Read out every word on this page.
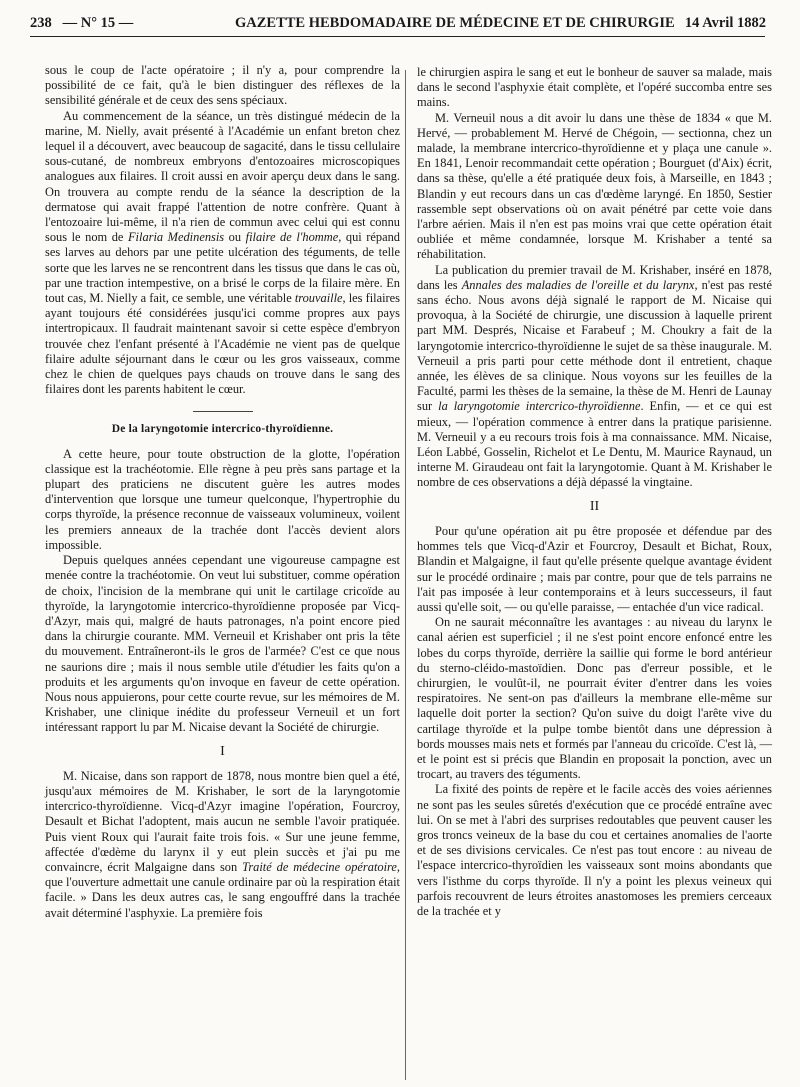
238 — N° 15 —	GAZETTE HEBDOMADAIRE DE MÉDECINE ET DE CHIRURGIE 14 Avril 1882

sous le coup de l'acte opératoire ; il n'y a, pour comprendre la possibilité de ce fait, qu'à le bien distinguer des réflexes de la sensibilité générale et de ceux des sens spéciaux.

Au commencement de la séance, un très distingué médecin de la marine, M. Nielly, avait présenté à l'Académie un enfant breton chez lequel il a découvert, avec beaucoup de sagacité, dans le tissu cellulaire sous-cutané, de nombreux embryons d'entozoaires microscopiques analogues aux filaires. Il croit aussi en avoir aperçu deux dans le sang. On trouvera au compte rendu de la séance la description de la dermatose qui avait frappé l'attention de notre confrère. Quant à l'entozoaire lui-même, il n'a rien de commun avec celui qui est connu sous le nom de Filaria Medinensis ou filaire de l'homme, qui répand ses larves au dehors par une petite ulcération des téguments, de telle sorte que les larves ne se rencontrent dans les tissus que dans le cas où, par une traction intempestive, on a brisé le corps de la filaire mère. En tout cas, M. Nielly a fait, ce semble, une véritable trouvaille, les filaires ayant toujours été considérées jusqu'ici comme propres aux pays intertropicaux. Il faudrait maintenant savoir si cette espèce d'embryon trouvée chez l'enfant présenté à l'Académie ne vient pas de quelque filaire adulte séjournant dans le cœur ou les gros vaisseaux, comme chez le chien de quelques pays chauds on trouve dans le sang des filaires dont les parents habitent le cœur.

De la laryngotomie intercrico-thyroïdienne.

A cette heure, pour toute obstruction de la glotte, l'opération classique est la trachéotomie. Elle règne à peu près sans partage et la plupart des praticiens ne discutent guère les autres modes d'intervention que lorsque une tumeur quelconque, l'hypertrophie du corps thyroïde, la présence reconnue de vaisseaux volumineux, voilent les premiers anneaux de la trachée dont l'accès devient alors impossible.

Depuis quelques années cependant une vigoureuse campagne est menée contre la trachéotomie. On veut lui substituer, comme opération de choix, l'incision de la membrane qui unit le cartilage cricoïde au thyroïde, la laryngotomie intercrico-thyroïdienne proposée par Vicq-d'Azyr, mais qui, malgré de hauts patronages, n'a point encore pied dans la chirurgie courante. MM. Verneuil et Krishaber ont pris la tête du mouvement. Entraîneront-ils le gros de l'armée? C'est ce que nous ne saurions dire ; mais il nous semble utile d'étudier les faits qu'on a produits et les arguments qu'on invoque en faveur de cette opération. Nous nous appuierons, pour cette courte revue, sur les mémoires de M. Krishaber, une clinique inédite du professeur Verneuil et un fort intéressant rapport lu par M. Nicaise devant la Société de chirurgie.

I

M. Nicaise, dans son rapport de 1878, nous montre bien quel a été, jusqu'aux mémoires de M. Krishaber, le sort de la laryngotomie intercrico-thyroïdienne. Vicq-d'Azyr imagine l'opération, Fourcroy, Desault et Bichat l'adoptent, mais aucun ne semble l'avoir pratiquée. Puis vient Roux qui l'aurait faite trois fois. « Sur une jeune femme, affectée d'œdème du larynx il y eut plein succès et j'ai pu me convaincre, écrit Malgaigne dans son Traité de médecine opératoire, que l'ouverture admettait une canule ordinaire par où la respiration était facile. » Dans les deux autres cas, le sang engouffré dans la trachée avait déterminé l'asphyxie. La première fois

le chirurgien aspira le sang et eut le bonheur de sauver sa malade, mais dans le second l'asphyxie était complète, et l'opéré succomba entre ses mains.

M. Verneuil nous a dit avoir lu dans une thèse de 1834 « que M. Hervé, — probablement M. Hervé de Chégoin, — sectionna, chez un malade, la membrane intercrico-thyroïdienne et y plaça une canule ». En 1841, Lenoir recommandait cette opération ; Bourguet (d'Aix) écrit, dans sa thèse, qu'elle a été pratiquée deux fois, à Marseille, en 1843 ; Blandin y eut recours dans un cas d'œdème laryngé. En 1850, Sestier rassemble sept observations où on avait pénétré par cette voie dans l'arbre aérien. Mais il n'en est pas moins vrai que cette opération était oubliée et même condamnée, lorsque M. Krishaber a tenté sa réhabilitation.

La publication du premier travail de M. Krishaber, inséré en 1878, dans les Annales des maladies de l'oreille et du larynx, n'est pas resté sans écho. Nous avons déjà signalé le rapport de M. Nicaise qui provoqua, à la Société de chirurgie, une discussion à laquelle prirent part MM. Després, Nicaise et Farabeuf ; M. Choukry a fait de la laryngotomie intercrico-thyroïdienne le sujet de sa thèse inaugurale. M. Verneuil a pris parti pour cette méthode dont il entretient, chaque année, les élèves de sa clinique. Nous voyons sur les feuilles de la Faculté, parmi les thèses de la semaine, la thèse de M. Henri de Launay sur la laryngotomie intercrico-thyroïdienne. Enfin, — et ce qui est mieux, — l'opération commence à entrer dans la pratique parisienne. M. Verneuil y a eu recours trois fois à ma connaissance. MM. Nicaise, Léon Labbé, Gosselin, Richelot et Le Dentu, M. Maurice Raynaud, un interne M. Giraudeau ont fait la laryngotomie. Quant à M. Krishaber le nombre de ces observations a déjà dépassé la vingtaine.

II

Pour qu'une opération ait pu être proposée et défendue par des hommes tels que Vicq-d'Azir et Fourcroy, Desault et Bichat, Roux, Blandin et Malgaigne, il faut qu'elle présente quelque avantage évident sur le procédé ordinaire ; mais par contre, pour que de tels parrains ne l'ait pas imposée à leur contemporains et à leurs successeurs, il faut aussi qu'elle soit, — ou qu'elle paraisse, — entachée d'un vice radical.

On ne saurait méconnaître les avantages : au niveau du larynx le canal aérien est superficiel ; il ne s'est point encore enfoncé entre les lobes du corps thyroïde, derrière la saillie qui forme le bord antérieur du sterno-cléido-mastoïdien. Donc pas d'erreur possible, et le chirurgien, le voulût-il, ne pourrait éviter d'entrer dans les voies respiratoires. Ne sent-on pas d'ailleurs la membrane elle-même sur laquelle doit porter la section? Qu'on suive du doigt l'arête vive du cartilage thyroïde et la pulpe tombe bientôt dans une dépression à bords mousses mais nets et formés par l'anneau du cricoïde. C'est là, — et le point est si précis que Blandin en proposait la ponction, avec un trocart, au travers des téguments.

La fixité des points de repère et le facile accès des voies aériennes ne sont pas les seules sûretés d'exécution que ce procédé entraîne avec lui. On se met à l'abri des surprises redoutables que peuvent causer les gros troncs veineux de la base du cou et certaines anomalies de l'aorte et de ses divisions cervicales. Ce n'est pas tout encore : au niveau de l'espace intercrico-thyroïdien les vaisseaux sont moins abondants que vers l'isthme du corps thyroïde. Il n'y a point les plexus veineux qui parfois recouvrent de leurs étroites anastomoses les premiers cerceaux de la trachée et y
